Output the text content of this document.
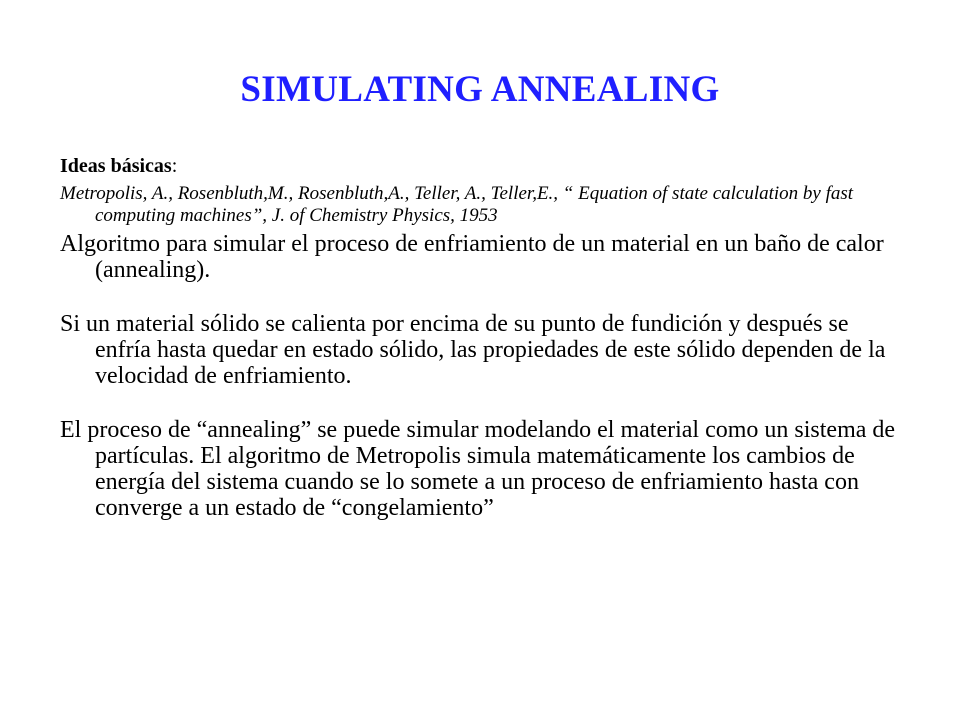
SIMULATING ANNEALING

Ideas básicas:

Metropolis, A., Rosenbluth,M., Rosenbluth,A., Teller, A., Teller,E., “ Equation of state calculation by fast computing machines”, J. of Chemistry Physics, 1953

Algoritmo para simular el proceso de enfriamiento de un material en un baño de calor (annealing).

Si un material sólido se calienta por encima de su punto de fundición y después se enfría hasta quedar en estado sólido, las propiedades de este sólido dependen de la velocidad de enfriamiento.

El proceso de “annealing” se puede simular modelando el material como un sistema de partículas. El algoritmo de Metropolis simula matemáticamente los cambios de energía del sistema cuando se lo somete a un proceso de enfriamiento hasta con converge a un estado de “congelamiento”
